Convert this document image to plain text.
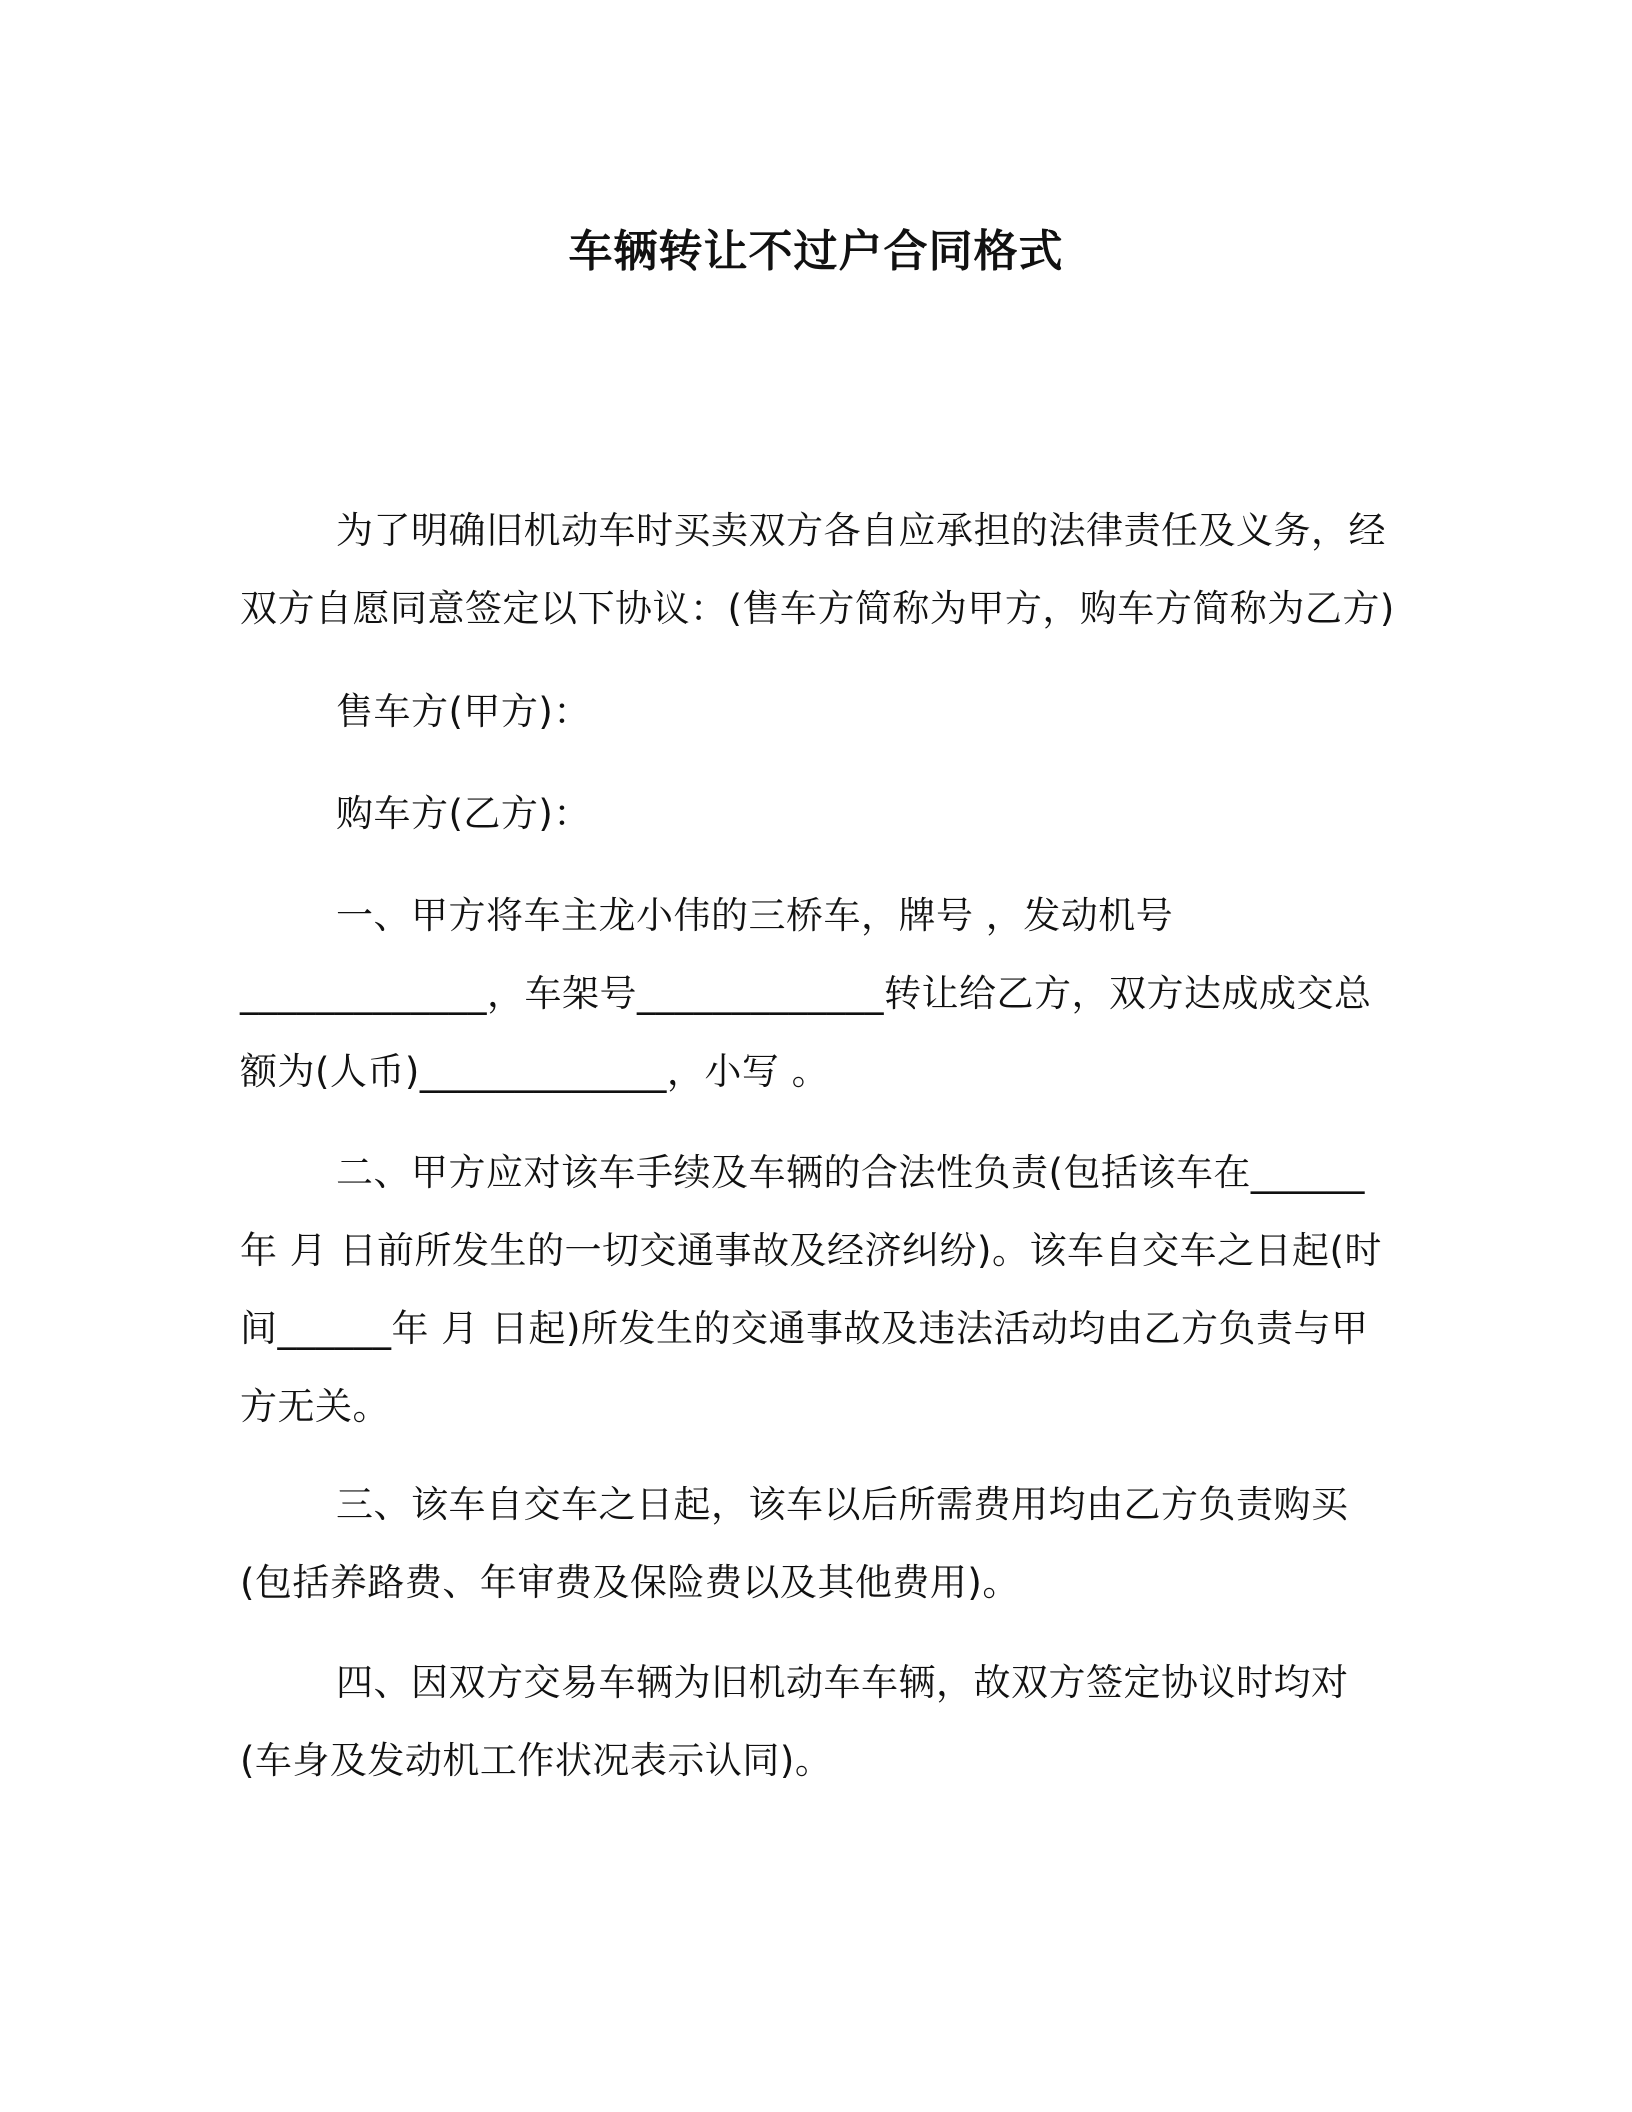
车辆转让不过户合同格式
为了明确旧机动车时买卖双方各自应承担的法律责任及义务，经
双方自愿同意签定以下协议：(售车方简称为甲方，购车方简称为乙方)
售车方(甲方)：
购车方(乙方)：
一、甲方将车主龙小伟的三桥车，牌号 ，发动机号
_____________，车架号_____________转让给乙方，双方达成成交总
额为(人币)_____________，小写 。
二、甲方应对该车手续及车辆的合法性负责(包括该车在______
年 月 日前所发生的一切交通事故及经济纠纷)。该车自交车之日起(时
间______年 月 日起)所发生的交通事故及违法活动均由乙方负责与甲
方无关。
三、该车自交车之日起，该车以后所需费用均由乙方负责购买
(包括养路费、年审费及保险费以及其他费用)。
四、因双方交易车辆为旧机动车车辆，故双方签定协议时均对
(车身及发动机工作状况表示认同)。
